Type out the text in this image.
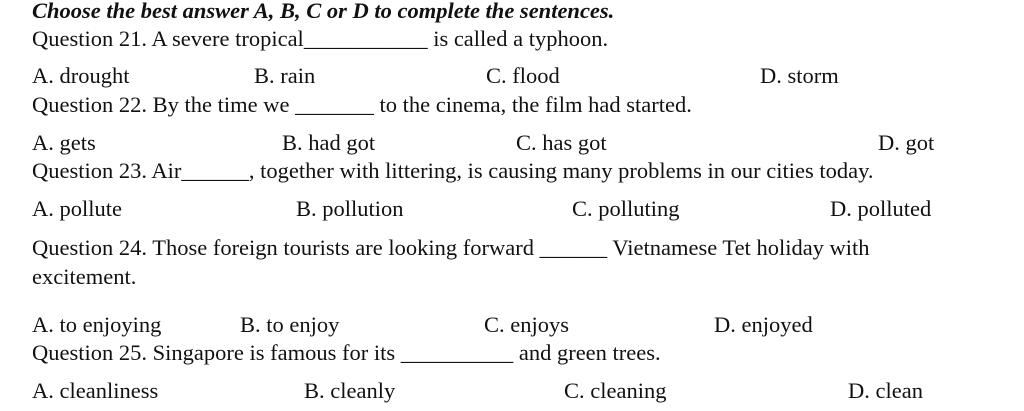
Choose the best answer A, B, C or D to complete the sentences.
Question 21. A severe tropical___________ is called a typhoon.
A. drought	B. rain	C. flood	D. storm
Question 22. By the time we _______ to the cinema, the film had started.
A. gets	B. had got	C. has got	D. got
Question 23. Air______, together with littering, is causing many problems in our cities today.
A. pollute	B. pollution	C. polluting	D. polluted
Question 24. Those foreign tourists are looking forward ______ Vietnamese Tet holiday with
excitement.
A. to enjoying	B. to enjoy	C. enjoys	D. enjoyed
Question 25. Singapore is famous for its __________ and green trees.
A. cleanliness	B. cleanly	C. cleaning	D. clean
